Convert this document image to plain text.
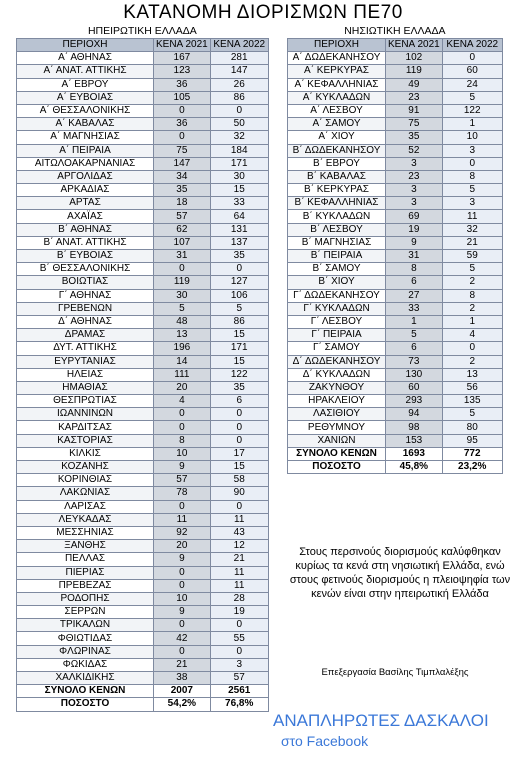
ΚΑΤΑΝΟΜΗ ΔΙΟΡΙΣΜΩΝ ΠΕ70
ΗΠΕΙΡΩΤΙΚΗ ΕΛΛΑΔΑ
ΠΕΡΙΟΧΗ	ΚΕΝΑ 2021	ΚΕΝΑ 2022
Α΄ ΑΘΗΝΑΣ	167	281
Α΄ ΑΝΑΤ. ΑΤΤΙΚΗΣ	123	147
Α΄ ΕΒΡΟΥ	36	26
Α΄ ΕΥΒΟΙΑΣ	105	86
Α΄ ΘΕΣΣΑΛΟΝΙΚΗΣ	0	0
Α΄ ΚΑΒΑΛΑΣ	36	50
Α΄ ΜΑΓΝΗΣΙΑΣ	0	32
Α΄ ΠΕΙΡΑΙΑ	75	184
ΑΙΤΩΛΟΑΚΑΡΝΑΝΙΑΣ	147	171
ΑΡΓΟΛΙΔΑΣ	34	30
ΑΡΚΑΔΙΑΣ	35	15
ΑΡΤΑΣ	18	33
ΑΧΑΪΑΣ	57	64
Β΄ ΑΘΗΝΑΣ	62	131
Β΄ ΑΝΑΤ. ΑΤΤΙΚΗΣ	107	137
Β΄ ΕΥΒΟΙΑΣ	31	35
Β΄ ΘΕΣΣΑΛΟΝΙΚΗΣ	0	0
ΒΟΙΩΤΙΑΣ	119	127
Γ΄ ΑΘΗΝΑΣ	30	106
ΓΡΕΒΕΝΩΝ	5	5
Δ΄ ΑΘΗΝΑΣ	48	86
ΔΡΑΜΑΣ	13	15
ΔΥΤ. ΑΤΤΙΚΗΣ	196	171
ΕΥΡΥΤΑΝΙΑΣ	14	15
ΗΛΕΙΑΣ	111	122
ΗΜΑΘΙΑΣ	20	35
ΘΕΣΠΡΩΤΙΑΣ	4	6
ΙΩΑΝΝΙΝΩΝ	0	0
ΚΑΡΔΙΤΣΑΣ	0	0
ΚΑΣΤΟΡΙΑΣ	8	0
ΚΙΛΚΙΣ	10	17
ΚΟΖΑΝΗΣ	9	15
ΚΟΡΙΝΘΙΑΣ	57	58
ΛΑΚΩΝΙΑΣ	78	90
ΛΑΡΙΣΑΣ	0	0
ΛΕΥΚΑΔΑΣ	11	11
ΜΕΣΣΗΝΙΑΣ	92	43
ΞΑΝΘΗΣ	20	12
ΠΕΛΛΑΣ	9	21
ΠΙΕΡΙΑΣ	0	11
ΠΡΕΒΕΖΑΣ	0	11
ΡΟΔΟΠΗΣ	10	28
ΣΕΡΡΩΝ	9	19
ΤΡΙΚΑΛΩΝ	0	0
ΦΘΙΩΤΙΔΑΣ	42	55
ΦΛΩΡΙΝΑΣ	0	0
ΦΩΚΙΔΑΣ	21	3
ΧΑΛΚΙΔΙΚΗΣ	38	57
ΣΥΝΟΛΟ ΚΕΝΩΝ	2007	2561
ΠΟΣΟΣΤΟ	54,2%	76,8%
ΝΗΣΙΩΤΙΚΗ ΕΛΛΑΔΑ
ΠΕΡΙΟΧΗ	ΚΕΝΑ 2021	ΚΕΝΑ 2022
Α΄ ΔΩΔΕΚΑΝΗΣΟΥ	102	0
Α΄ ΚΕΡΚΥΡΑΣ	119	60
Α΄ ΚΕΦΑΛΛΗΝΙΑΣ	49	24
Α΄ ΚΥΚΛΑΔΩΝ	23	5
Α΄ ΛΕΣΒΟΥ	91	122
Α΄ ΣΑΜΟΥ	75	1
Α΄ ΧΙΟΥ	35	10
Β΄ ΔΩΔΕΚΑΝΗΣΟΥ	52	3
Β΄ ΕΒΡΟΥ	3	0
Β΄ ΚΑΒΑΛΑΣ	23	8
Β΄ ΚΕΡΚΥΡΑΣ	3	5
Β΄ ΚΕΦΑΛΛΗΝΙΑΣ	3	3
Β΄ ΚΥΚΛΑΔΩΝ	69	11
Β΄ ΛΕΣΒΟΥ	19	32
Β΄ ΜΑΓΝΗΣΙΑΣ	9	21
Β΄ ΠΕΙΡΑΙΑ	31	59
Β΄ ΣΑΜΟΥ	8	5
Β΄ ΧΙΟΥ	6	2
Γ΄ ΔΩΔΕΚΑΝΗΣΟΥ	27	8
Γ΄ ΚΥΚΛΑΔΩΝ	33	2
Γ΄ ΛΕΣΒΟΥ	1	1
Γ΄ ΠΕΙΡΑΙΑ	5	4
Γ΄ ΣΑΜΟΥ	6	0
Δ΄ ΔΩΔΕΚΑΝΗΣΟΥ	73	2
Δ΄ ΚΥΚΛΑΔΩΝ	130	13
ΖΑΚΥΝΘΟΥ	60	56
ΗΡΑΚΛΕΙΟΥ	293	135
ΛΑΣΙΘΙΟΥ	94	5
ΡΕΘΥΜΝΟΥ	98	80
ΧΑΝΙΩΝ	153	95
ΣΥΝΟΛΟ ΚΕΝΩΝ	1693	772
ΠΟΣΟΣΤΟ	45,8%	23,2%
Στους περσινούς διορισμούς καλύφθηκαν κυρίως τα κενά στη νησιωτική Ελλάδα, ενώ στους φετινούς διορισμούς η πλειοψηφία των κενών είναι στην ηπειρωτική Ελλάδα
Επεξεργασία Βασίλης Τιμπλαλέξης
ΑΝΑΠΛΗΡΩΤΕΣ ΔΑΣΚΑΛΟΙ
στο Facebook
